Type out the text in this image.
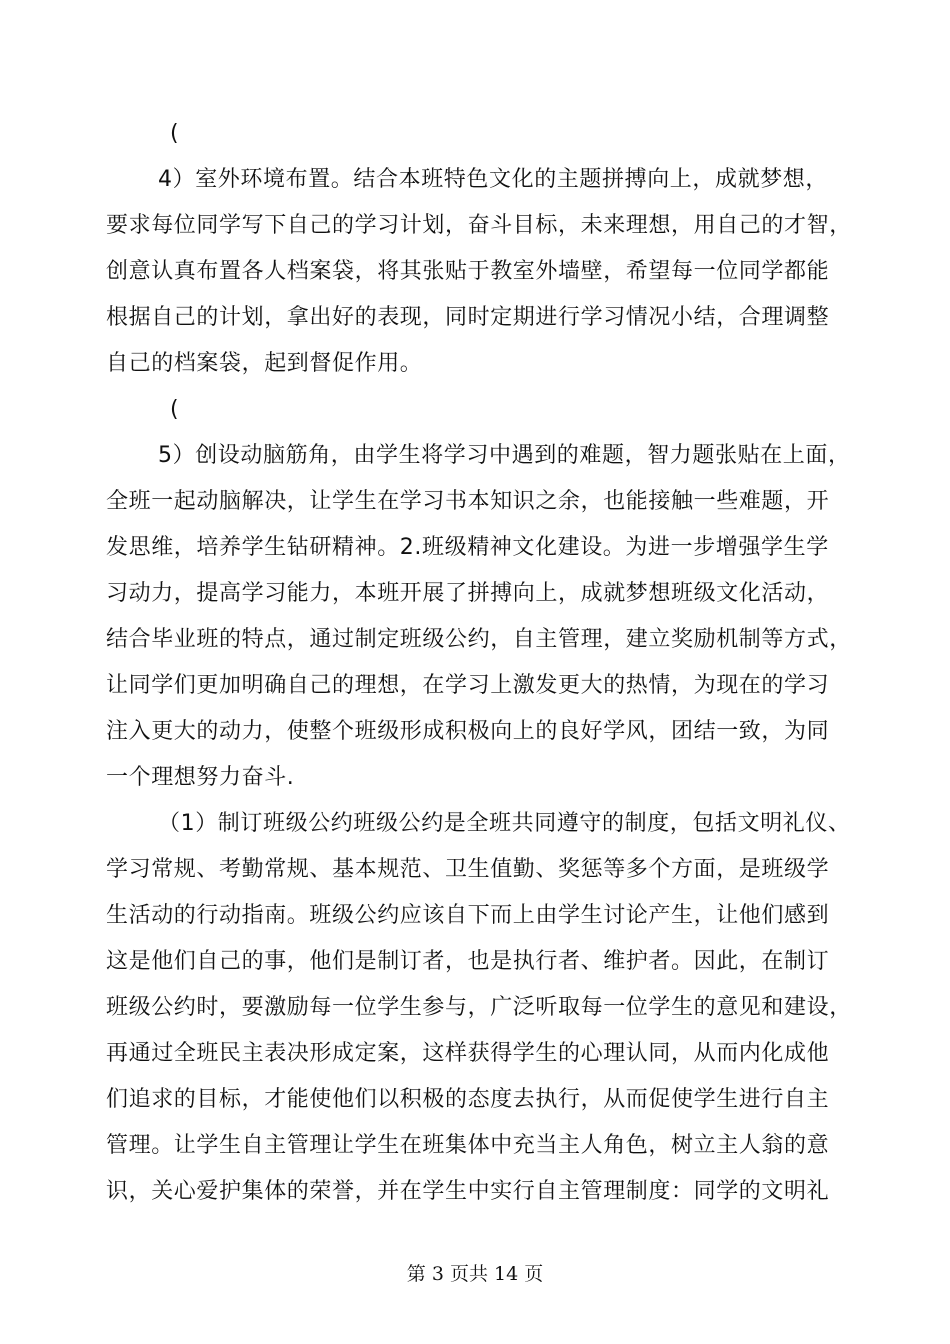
(
4）室外环境布置。结合本班特色文化的主题拼搏向上，成就梦想，
要求每位同学写下自己的学习计划，奋斗目标，未来理想，用自己的才智，
创意认真布置各人档案袋，将其张贴于教室外墙壁，希望每一位同学都能
根据自己的计划，拿出好的表现，同时定期进行学习情况小结，合理调整
自己的档案袋，起到督促作用。
(
5）创设动脑筋角，由学生将学习中遇到的难题，智力题张贴在上面，
全班一起动脑解决，让学生在学习书本知识之余，也能接触一些难题，开
发思维，培养学生钻研精神。2.班级精神文化建设。为进一步增强学生学
习动力，提高学习能力，本班开展了拼搏向上，成就梦想班级文化活动，
结合毕业班的特点，通过制定班级公约，自主管理，建立奖励机制等方式，
让同学们更加明确自己的理想，在学习上激发更大的热情，为现在的学习
注入更大的动力，使整个班级形成积极向上的良好学风，团结一致，为同
一个理想努力奋斗.
（1）制订班级公约班级公约是全班共同遵守的制度，包括文明礼仪、
学习常规、考勤常规、基本规范、卫生值勤、奖惩等多个方面，是班级学
生活动的行动指南。班级公约应该自下而上由学生讨论产生，让他们感到
这是他们自己的事，他们是制订者，也是执行者、维护者。因此，在制订
班级公约时，要激励每一位学生参与，广泛听取每一位学生的意见和建设，
再通过全班民主表决形成定案，这样获得学生的心理认同，从而内化成他
们追求的目标，才能使他们以积极的态度去执行，从而促使学生进行自主
管理。让学生自主管理让学生在班集体中充当主人角色，树立主人翁的意
识，关心爱护集体的荣誉，并在学生中实行自主管理制度：同学的文明礼
第 3 页共 14 页
